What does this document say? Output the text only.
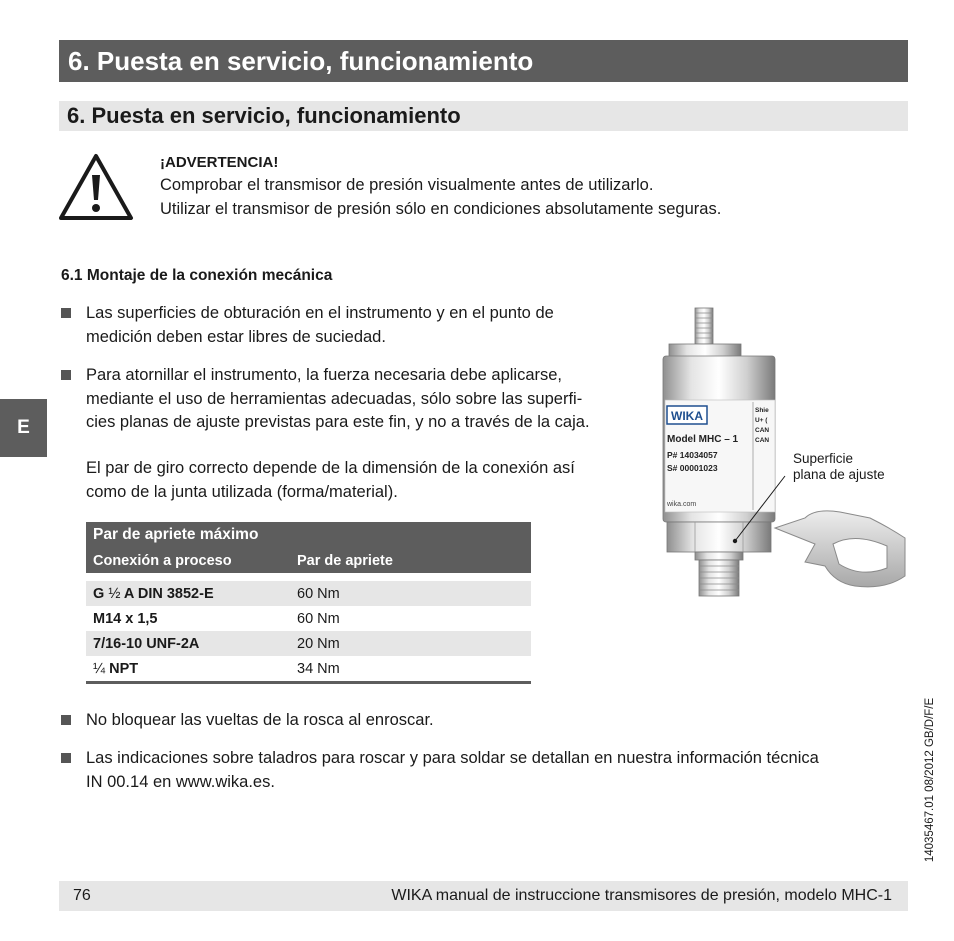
6. Puesta en servicio, funcionamiento
6. Puesta en servicio, funcionamiento
E
¡ADVERTENCIA!
Comprobar el transmisor de presión visualmente antes de utilizarlo.
Utilizar el transmisor de presión sólo en condiciones absolutamente seguras.
6.1 Montaje de la conexión mecánica
Las superficies de obturación en el instrumento y en el punto de
medición deben estar libres de suciedad.
Para atornillar el instrumento, la fuerza necesaria debe aplicarse,
mediante el uso de herramientas adecuadas, sólo sobre las superfi-
cies planas de ajuste previstas para este fin, y no a través de la caja.
El par de giro correcto depende de la dimensión de la conexión así
como de la junta utilizada (forma/material).
Par de apriete máximo	
Conexión a proceso	Par de apriete

G ½ A DIN 3852-E	60 Nm
M14 x 1,5	60 Nm
7/16-10 UNF-2A	20 Nm
¼ NPT	34 Nm
WIKA
Model MHC – 1
P# 14034057
S# 00001023
wika.com
Shie
U+ (
CAN
CAN
Superficie
plana de ajuste
No bloquear las vueltas de la rosca al enroscar.
Las indicaciones sobre taladros para roscar y para soldar se detallan en nuestra información técnica
IN 00.14 en www.wika.es.	14035467.01 08/2012 GB/D/F/E
76	WIKA manual de instruccione transmisores de presión, modelo MHC-1
